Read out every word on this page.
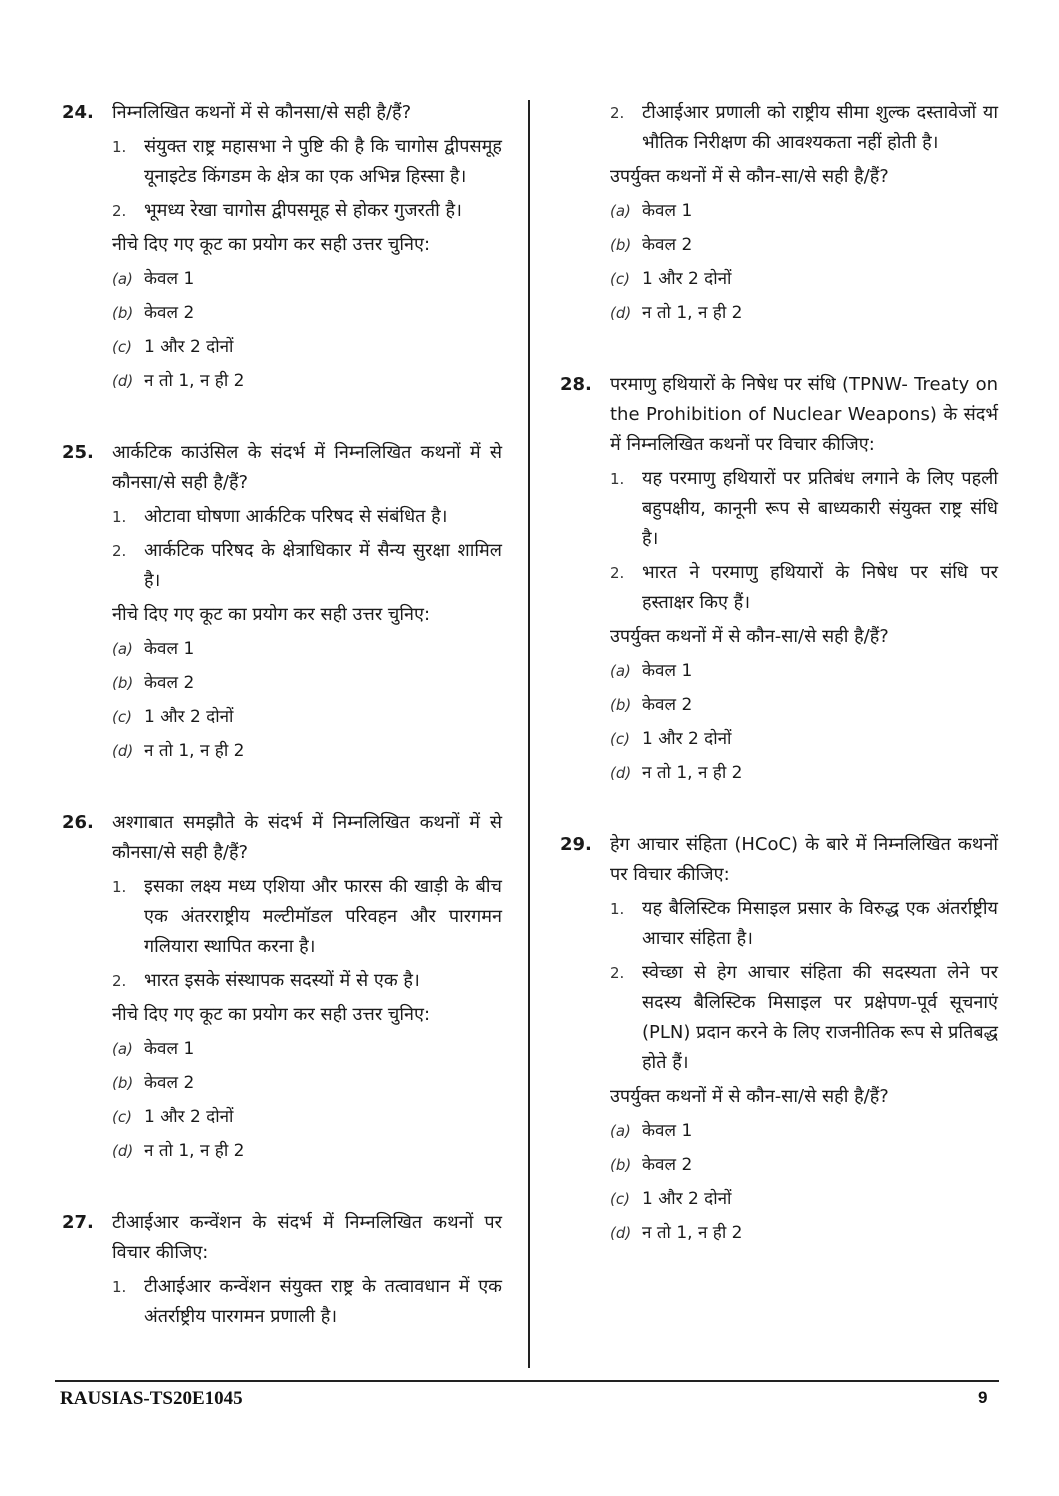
24. निम्नलिखित कथनों में से कौनसा/से सही है/हैं?
1. संयुक्त राष्ट्र महासभा ने पुष्टि की है कि चागोस द्वीपसमूह यूनाइटेड किंगडम के क्षेत्र का एक अभिन्न हिस्सा है।
2. भूमध्य रेखा चागोस द्वीपसमूह से होकर गुजरती है।
नीचे दिए गए कूट का प्रयोग कर सही उत्तर चुनिए:
(a) केवल 1
(b) केवल 2
(c) 1 और 2 दोनों
(d) न तो 1, न ही 2
25. आर्कटिक काउंसिल के संदर्भ में निम्नलिखित कथनों में से कौनसा/से सही है/हैं?
1. ओटावा घोषणा आर्कटिक परिषद से संबंधित है।
2. आर्कटिक परिषद के क्षेत्राधिकार में सैन्य सुरक्षा शामिल है।
नीचे दिए गए कूट का प्रयोग कर सही उत्तर चुनिए:
(a) केवल 1
(b) केवल 2
(c) 1 और 2 दोनों
(d) न तो 1, न ही 2
26. अश्गाबात समझौते के संदर्भ में निम्नलिखित कथनों में से कौनसा/से सही है/हैं?
1. इसका लक्ष्य मध्य एशिया और फारस की खाड़ी के बीच एक अंतरराष्ट्रीय मल्टीमॉडल परिवहन और पारगमन गलियारा स्थापित करना है।
2. भारत इसके संस्थापक सदस्यों में से एक है।
नीचे दिए गए कूट का प्रयोग कर सही उत्तर चुनिए:
(a) केवल 1
(b) केवल 2
(c) 1 और 2 दोनों
(d) न तो 1, न ही 2
27. टीआईआर कन्वेंशन के संदर्भ में निम्नलिखित कथनों पर विचार कीजिए:
1. टीआईआर कन्वेंशन संयुक्त राष्ट्र के तत्वावधान में एक अंतर्राष्ट्रीय पारगमन प्रणाली है।
2. टीआईआर प्रणाली को राष्ट्रीय सीमा शुल्क दस्तावेजों या भौतिक निरीक्षण की आवश्यकता नहीं होती है।
उपर्युक्त कथनों में से कौन-सा/से सही है/हैं?
(a) केवल 1
(b) केवल 2
(c) 1 और 2 दोनों
(d) न तो 1, न ही 2
28. परमाणु हथियारों के निषेध पर संधि (TPNW- Treaty on the Prohibition of Nuclear Weapons) के संदर्भ में निम्नलिखित कथनों पर विचार कीजिए:
1. यह परमाणु हथियारों पर प्रतिबंध लगाने के लिए पहली बहुपक्षीय, कानूनी रूप से बाध्यकारी संयुक्त राष्ट्र संधि है।
2. भारत ने परमाणु हथियारों के निषेध पर संधि पर हस्ताक्षर किए हैं।
उपर्युक्त कथनों में से कौन-सा/से सही है/हैं?
(a) केवल 1
(b) केवल 2
(c) 1 और 2 दोनों
(d) न तो 1, न ही 2
29. हेग आचार संहिता (HCoC) के बारे में निम्नलिखित कथनों पर विचार कीजिए:
1. यह बैलिस्टिक मिसाइल प्रसार के विरुद्ध एक अंतर्राष्ट्रीय आचार संहिता है।
2. स्वेच्छा से हेग आचार संहिता की सदस्यता लेने पर सदस्य बैलिस्टिक मिसाइल पर प्रक्षेपण-पूर्व सूचनाएं (PLN) प्रदान करने के लिए राजनीतिक रूप से प्रतिबद्ध होते हैं।
उपर्युक्त कथनों में से कौन-सा/से सही है/हैं?
(a) केवल 1
(b) केवल 2
(c) 1 और 2 दोनों
(d) न तो 1, न ही 2
RAUSIAS-TS20E1045	9
